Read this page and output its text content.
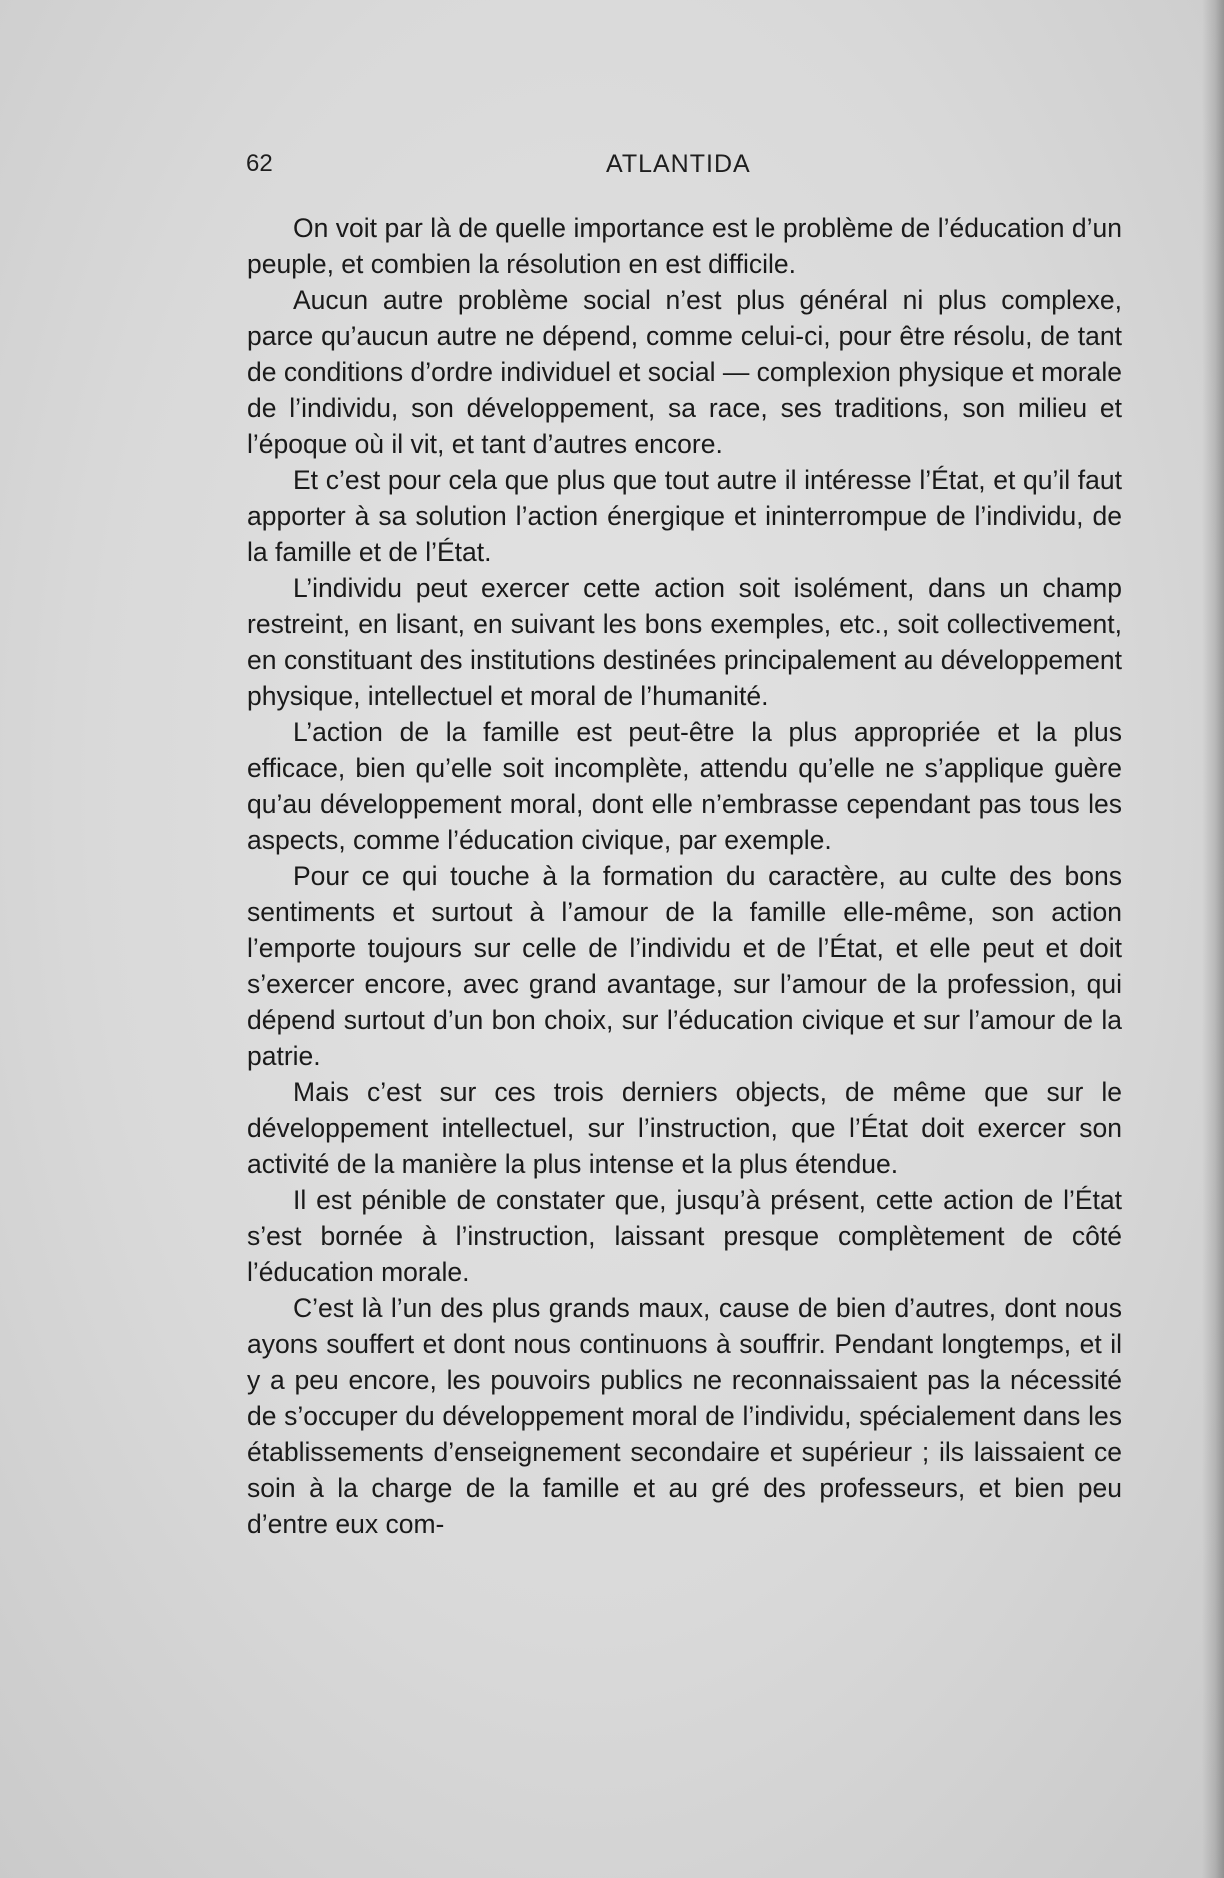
62	ATLANTIDA

On voit par là de quelle importance est le problème de l’éducation d’un peuple, et combien la résolution en est difficile.

Aucun autre problème social n’est plus général ni plus complexe, parce qu’aucun autre ne dépend, comme celui-ci, pour être résolu, de tant de conditions d’ordre individuel et social — complexion physique et morale de l’individu, son développement, sa race, ses traditions, son milieu et l’époque où il vit, et tant d’autres encore.

Et c’est pour cela que plus que tout autre il intéresse l’État, et qu’il faut apporter à sa solution l’action énergique et ininterrompue de l’individu, de la famille et de l’État.

L’individu peut exercer cette action soit isolément, dans un champ restreint, en lisant, en suivant les bons exemples, etc., soit collectivement, en constituant des institutions destinées principalement au développement physique, intellectuel et moral de l’humanité.

L’action de la famille est peut-être la plus appropriée et la plus efficace, bien qu’elle soit incomplète, attendu qu’elle ne s’applique guère qu’au développement moral, dont elle n’embrasse cependant pas tous les aspects, comme l’éducation civique, par exemple.

Pour ce qui touche à la formation du caractère, au culte des bons sentiments et surtout à l’amour de la famille elle-même, son action l’emporte toujours sur celle de l’individu et de l’État, et elle peut et doit s’exercer encore, avec grand avantage, sur l’amour de la profession, qui dépend surtout d’un bon choix, sur l’éducation civique et sur l’amour de la patrie.

Mais c’est sur ces trois derniers objects, de même que sur le développement intellectuel, sur l’instruction, que l’État doit exercer son activité de la manière la plus intense et la plus étendue.

Il est pénible de constater que, jusqu’à présent, cette action de l’État s’est bornée à l’instruction, laissant presque complètement de côté l’éducation morale.

C’est là l’un des plus grands maux, cause de bien d’autres, dont nous ayons souffert et dont nous continuons à souffrir. Pendant longtemps, et il y a peu encore, les pouvoirs publics ne reconnaissaient pas la nécessité de s’occuper du développement moral de l’individu, spécialement dans les établissements d’enseignement secondaire et supérieur ; ils laissaient ce soin à la charge de la famille et au gré des professeurs, et bien peu d’entre eux com-
